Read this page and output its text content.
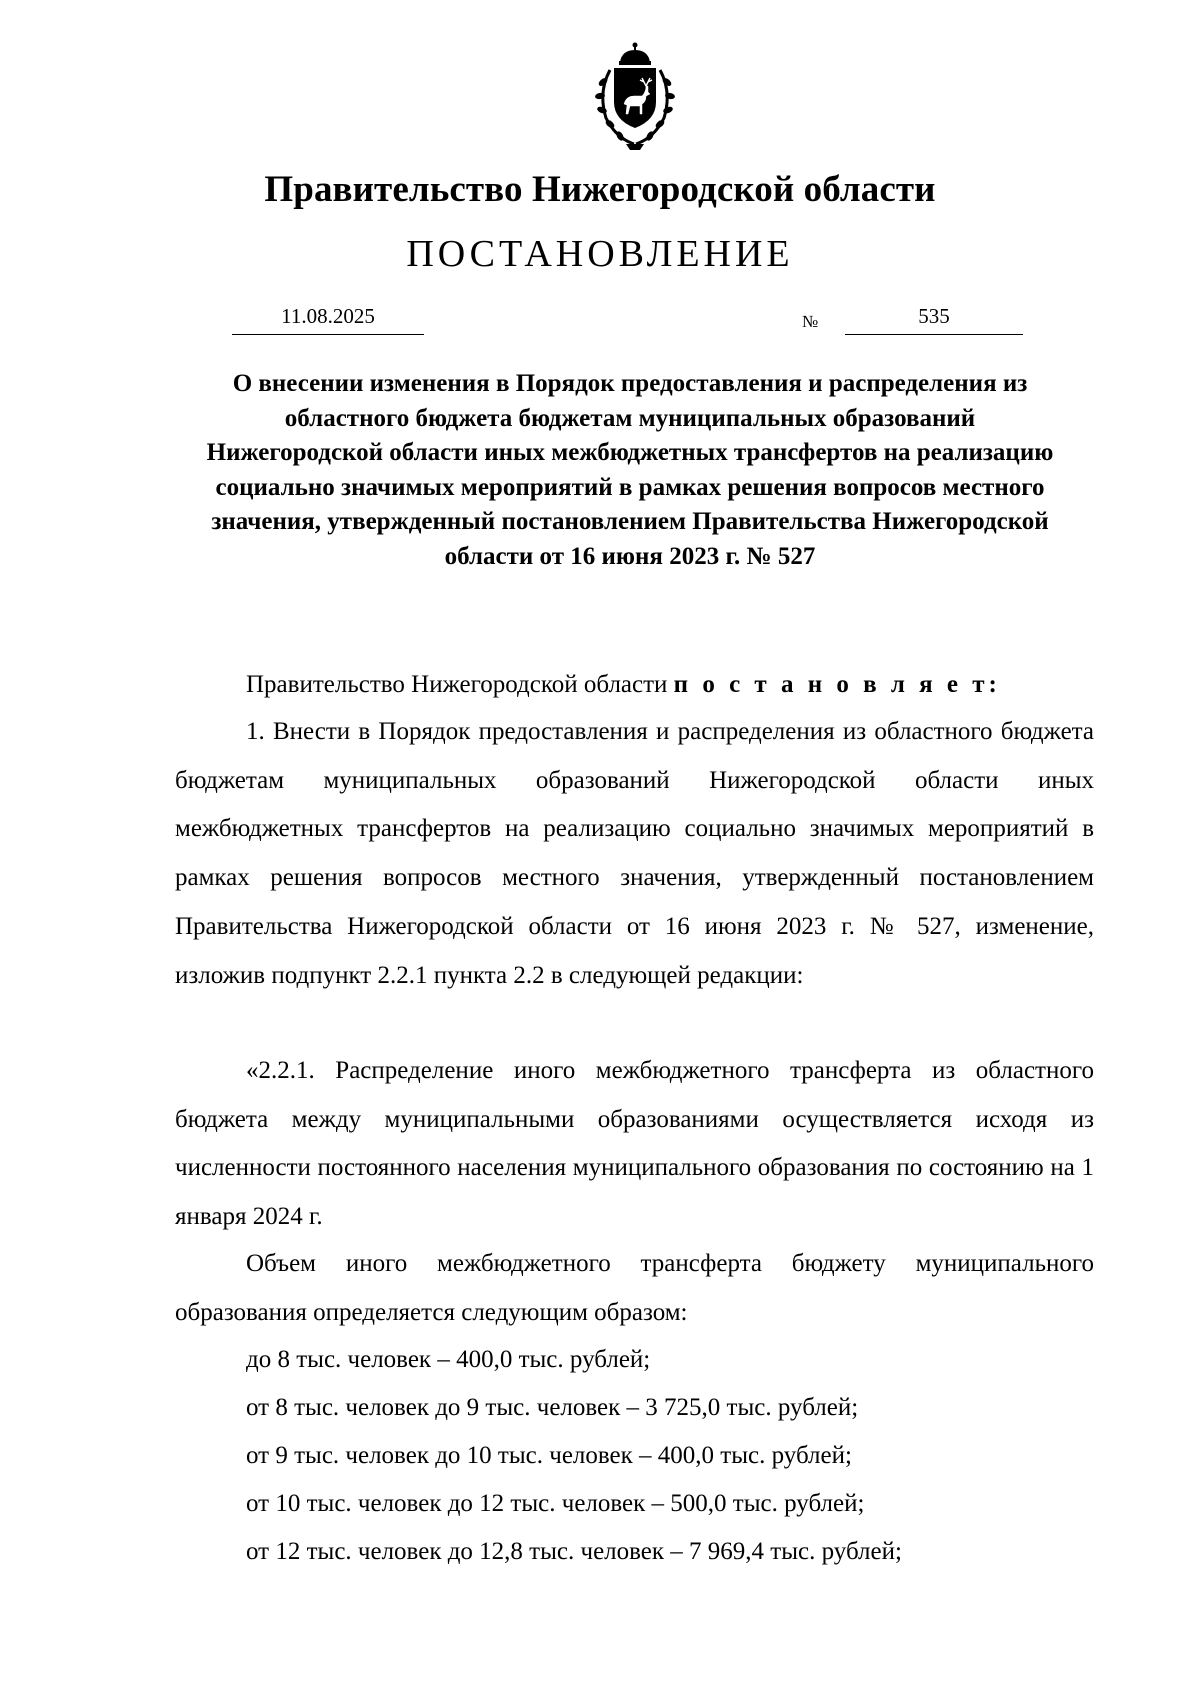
Правительство Нижегородской области
ПОСТАНОВЛЕНИЕ
11.08.2025	№	535

О внесении изменения в Порядок предоставления и распределения из областного бюджета бюджетам муниципальных образований Нижегородской области иных межбюджетных трансфертов на реализацию социально значимых мероприятий в рамках решения вопросов местного значения, утвержденный постановлением Правительства Нижегородской области от 16 июня 2023 г. № 527

Правительство Нижегородской области п о с т а н о в л я е т:

1. Внести в Порядок предоставления и распределения из областного бюджета бюджетам муниципальных образований Нижегородской области иных межбюджетных трансфертов на реализацию социально значимых мероприятий в рамках решения вопросов местного значения, утвержденный постановлением Правительства Нижегородской области от 16 июня 2023 г. № 527, изменение, изложив подпункт 2.2.1 пункта 2.2 в следующей редакции:

«2.2.1. Распределение иного межбюджетного трансферта из областного бюджета между муниципальными образованиями осуществляется исходя из численности постоянного населения муниципального образования по состоянию на 1 января 2024 г.

Объем иного межбюджетного трансферта бюджету муниципального образования определяется следующим образом:

до 8 тыс. человек – 400,0 тыс. рублей;

от 8 тыс. человек до 9 тыс. человек – 3 725,0 тыс. рублей;

от 9 тыс. человек до 10 тыс. человек – 400,0 тыс. рублей;

от 10 тыс. человек до 12 тыс. человек – 500,0 тыс. рублей;

от 12 тыс. человек до 12,8 тыс. человек – 7 969,4 тыс. рублей;
